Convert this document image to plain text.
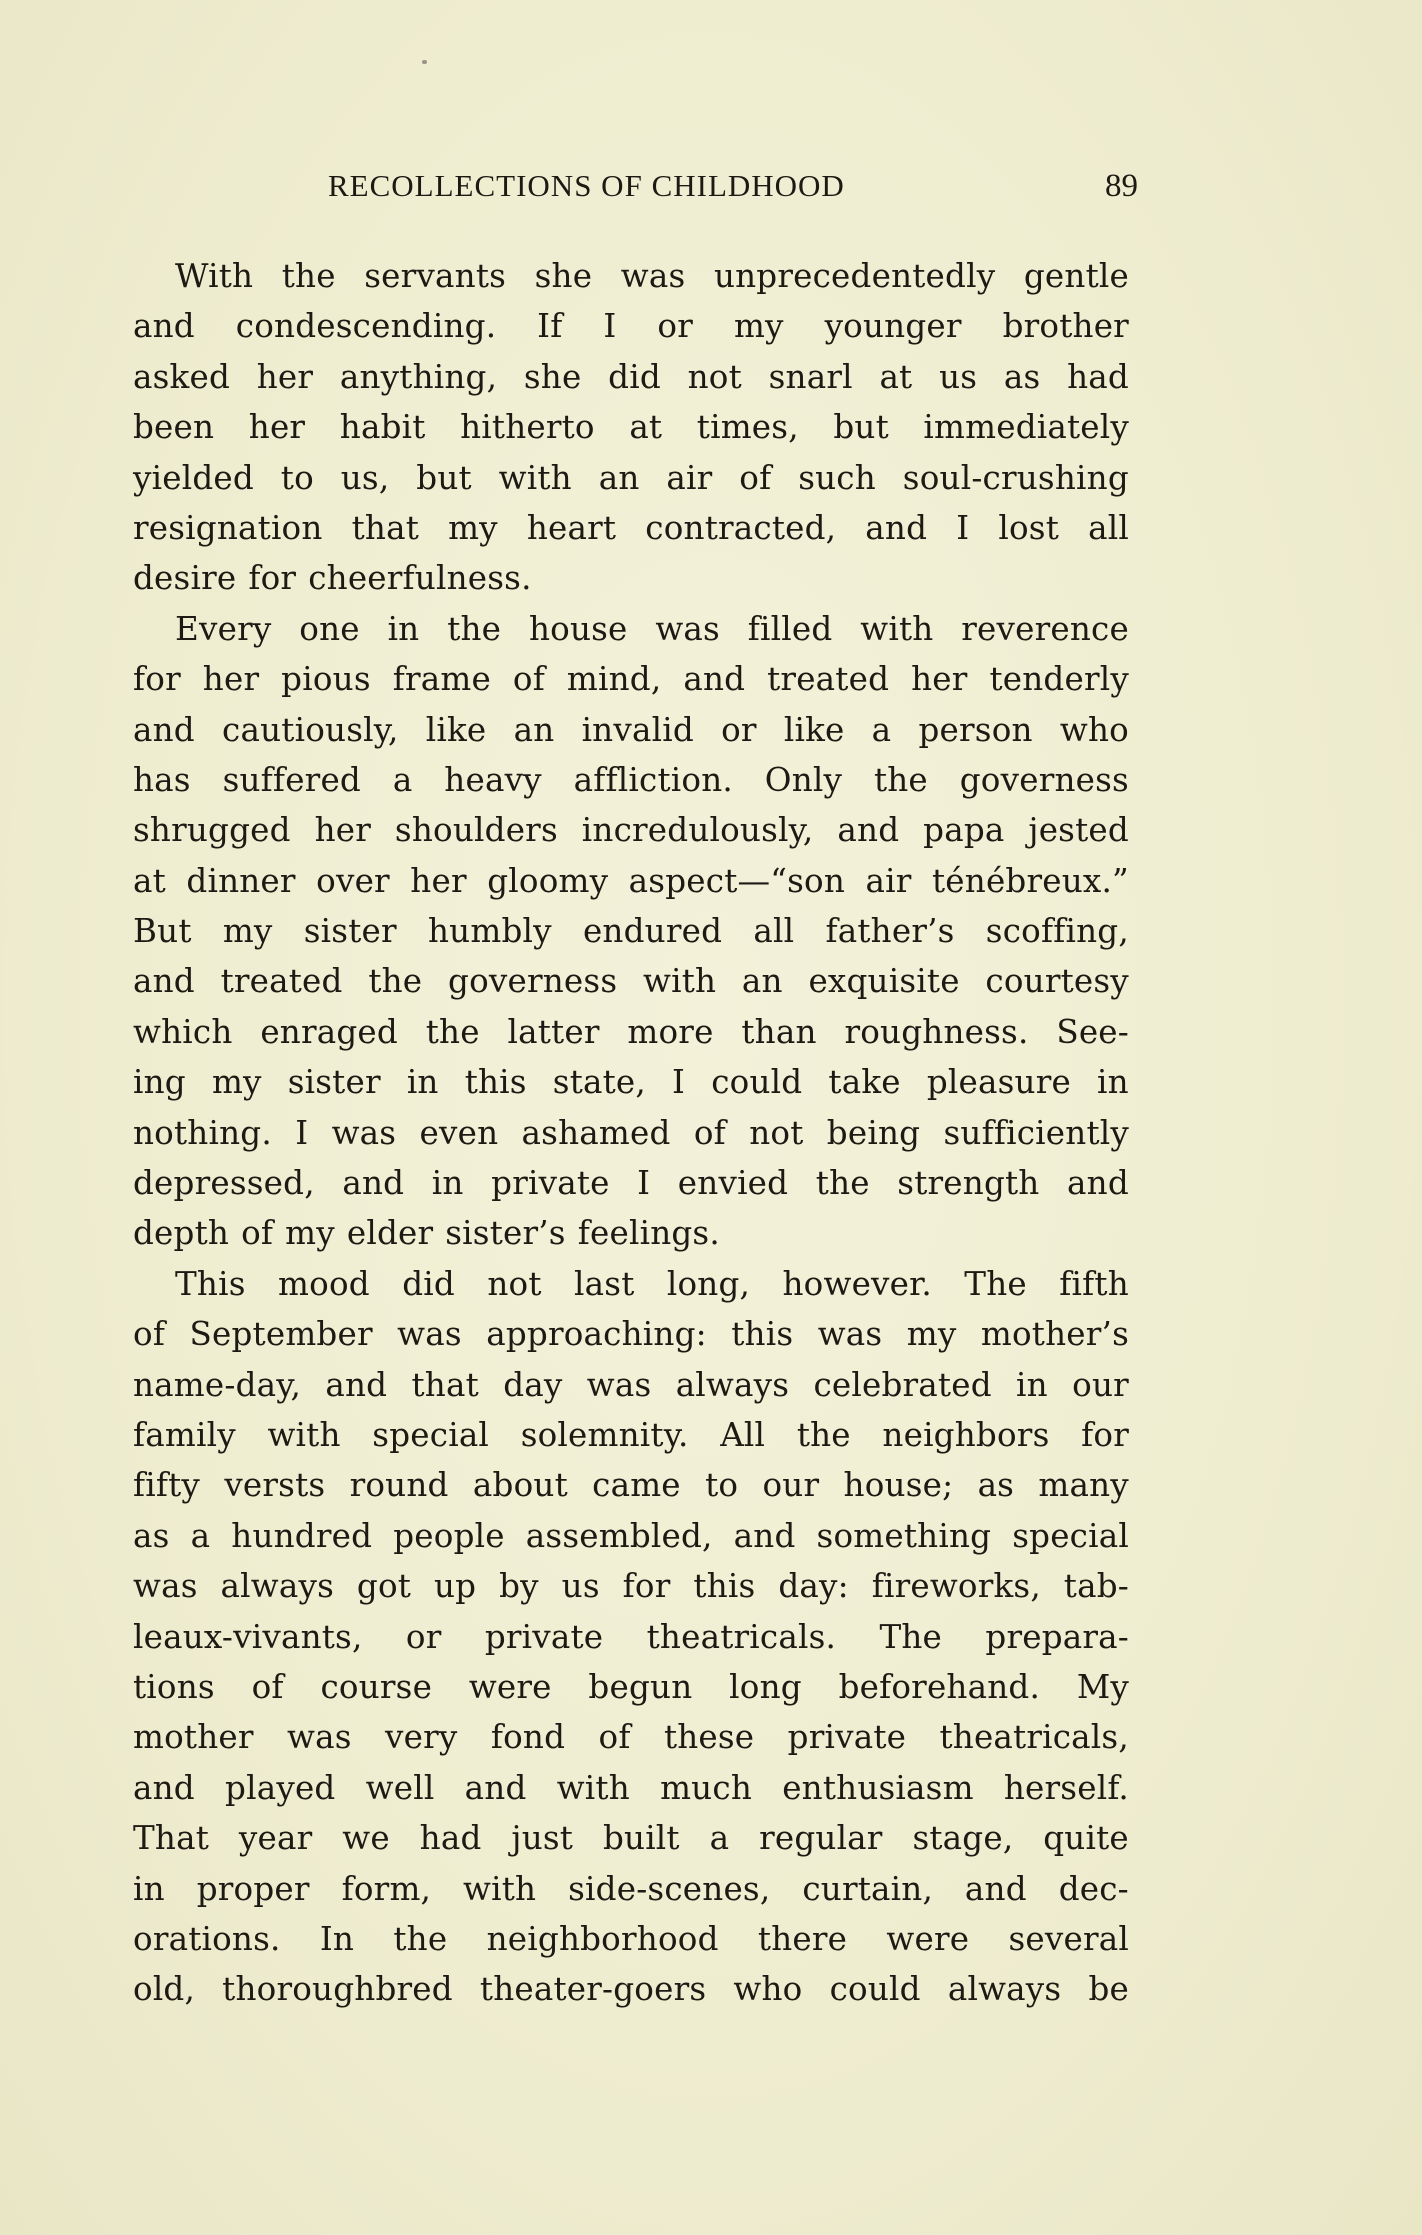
RECOLLECTIONS OF CHILDHOOD	89
With the servants she was unprecedentedly gentle
and condescending. If I or my younger brother
asked her anything, she did not snarl at us as had
been her habit hitherto at times, but immediately
yielded to us, but with an air of such soul-crushing
resignation that my heart contracted, and I lost all
desire for cheerfulness.
Every one in the house was filled with reverence
for her pious frame of mind, and treated her tenderly
and cautiously, like an invalid or like a person who
has suffered a heavy affliction. Only the governess
shrugged her shoulders incredulously, and papa jested
at dinner over her gloomy aspect—“son air ténébreux.”
But my sister humbly endured all father’s scoffing,
and treated the governess with an exquisite courtesy
which enraged the latter more than roughness. See-
ing my sister in this state, I could take pleasure in
nothing. I was even ashamed of not being sufficiently
depressed, and in private I envied the strength and
depth of my elder sister’s feelings.
This mood did not last long, however. The fifth
of September was approaching: this was my mother’s
name-day, and that day was always celebrated in our
family with special solemnity. All the neighbors for
fifty versts round about came to our house; as many
as a hundred people assembled, and something special
was always got up by us for this day: fireworks, tab-
leaux-vivants, or private theatricals. The prepara-
tions of course were begun long beforehand. My
mother was very fond of these private theatricals,
and played well and with much enthusiasm herself.
That year we had just built a regular stage, quite
in proper form, with side-scenes, curtain, and dec-
orations. In the neighborhood there were several
old, thoroughbred theater-goers who could always be
